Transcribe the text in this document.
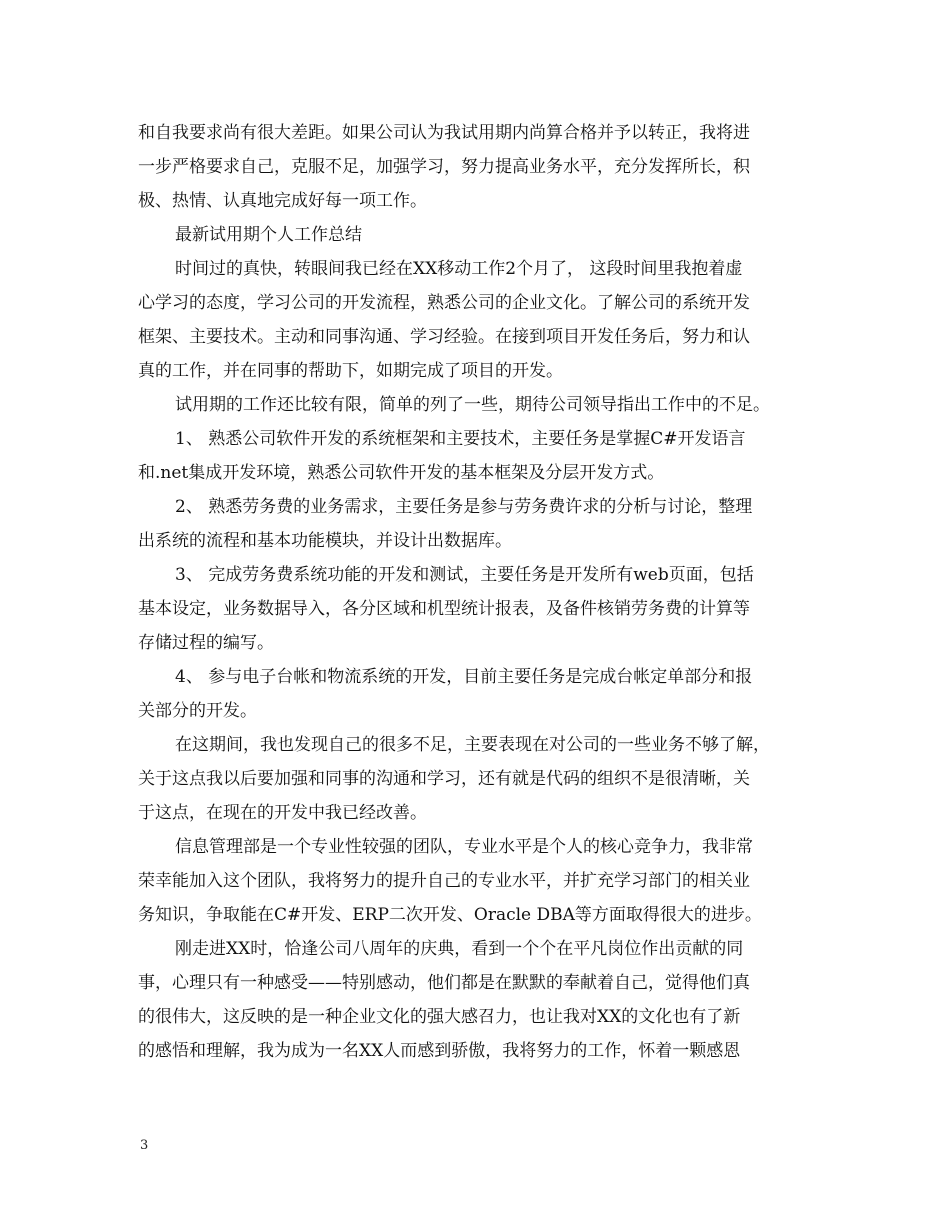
和自我要求尚有很大差距。如果公司认为我试用期内尚算合格并予以转正，我将进
一步严格要求自己，克服不足，加强学习，努力提高业务水平，充分发挥所长，积
极、热情、认真地完成好每一项工作。
最新试用期个人工作总结
时间过的真快，转眼间我已经在XX移动工作2个月了， 这段时间里我抱着虚
心学习的态度，学习公司的开发流程，熟悉公司的企业文化。了解公司的系统开发
框架、主要技术。主动和同事沟通、学习经验。在接到项目开发任务后，努力和认
真的工作，并在同事的帮助下，如期完成了项目的开发。
试用期的工作还比较有限，简单的列了一些，期待公司领导指出工作中的不足。
1、 熟悉公司软件开发的系统框架和主要技术，主要任务是掌握C#开发语言
和.net集成开发环境，熟悉公司软件开发的基本框架及分层开发方式。
2、 熟悉劳务费的业务需求，主要任务是参与劳务费许求的分析与讨论，整理
出系统的流程和基本功能模块，并设计出数据库。
3、 完成劳务费系统功能的开发和测试，主要任务是开发所有web页面，包括
基本设定，业务数据导入，各分区域和机型统计报表，及备件核销劳务费的计算等
存储过程的编写。
4、 参与电子台帐和物流系统的开发，目前主要任务是完成台帐定单部分和报
关部分的开发。
在这期间，我也发现自己的很多不足，主要表现在对公司的一些业务不够了解，
关于这点我以后要加强和同事的沟通和学习，还有就是代码的组织不是很清晰，关
于这点，在现在的开发中我已经改善。
信息管理部是一个专业性较强的团队，专业水平是个人的核心竞争力，我非常
荣幸能加入这个团队，我将努力的提升自己的专业水平，并扩充学习部门的相关业
务知识，争取能在C#开发、ERP二次开发、Oracle DBA等方面取得很大的进步。
刚走进XX时，恰逢公司八周年的庆典，看到一个个在平凡岗位作出贡献的同
事，心理只有一种感受——特别感动，他们都是在默默的奉献着自己，觉得他们真
的很伟大，这反映的是一种企业文化的强大感召力，也让我对XX的文化也有了新
的感悟和理解，我为成为一名XX人而感到骄傲，我将努力的工作，怀着一颗感恩
3
